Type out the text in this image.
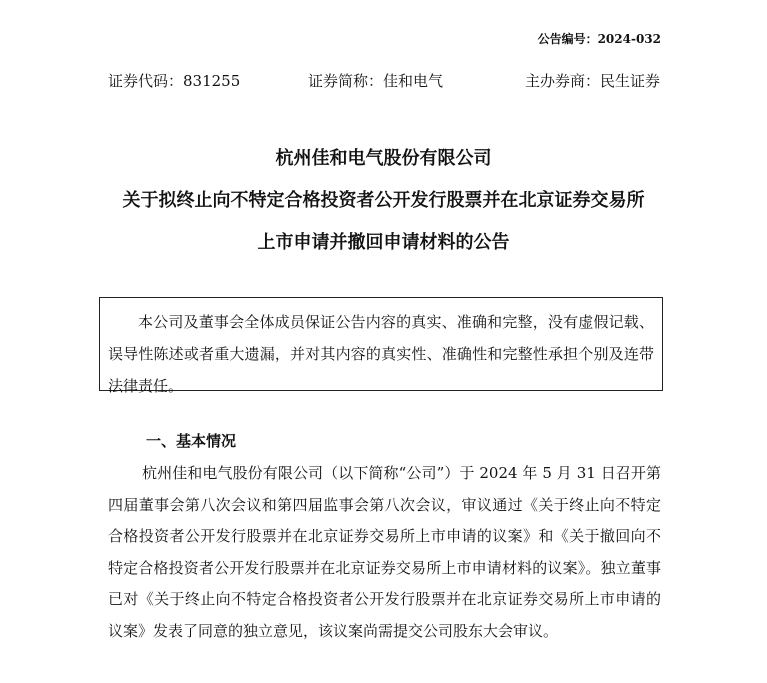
公告编号：2024-032
证券代码：831255	证券简称：佳和电气	主办券商：民生证券
杭州佳和电气股份有限公司
关于拟终止向不特定合格投资者公开发行股票并在北京证券交易所
上市申请并撤回申请材料的公告

本公司及董事会全体成员保证公告内容的真实、准确和完整，没有虚假记载、误导性陈述或者重大遗漏，并对其内容的真实性、准确性和完整性承担个别及连带法律责任。

一、基本情况

杭州佳和电气股份有限公司（以下简称“公司”）于 2024 年 5 月 31 日召开第四届董事会第八次会议和第四届监事会第八次会议，审议通过《关于终止向不特定合格投资者公开发行股票并在北京证券交易所上市申请的议案》和《关于撤回向不特定合格投资者公开发行股票并在北京证券交易所上市申请材料的议案》。独立董事已对《关于终止向不特定合格投资者公开发行股票并在北京证券交易所上市申请的议案》发表了同意的独立意见，该议案尚需提交公司股东大会审议。
